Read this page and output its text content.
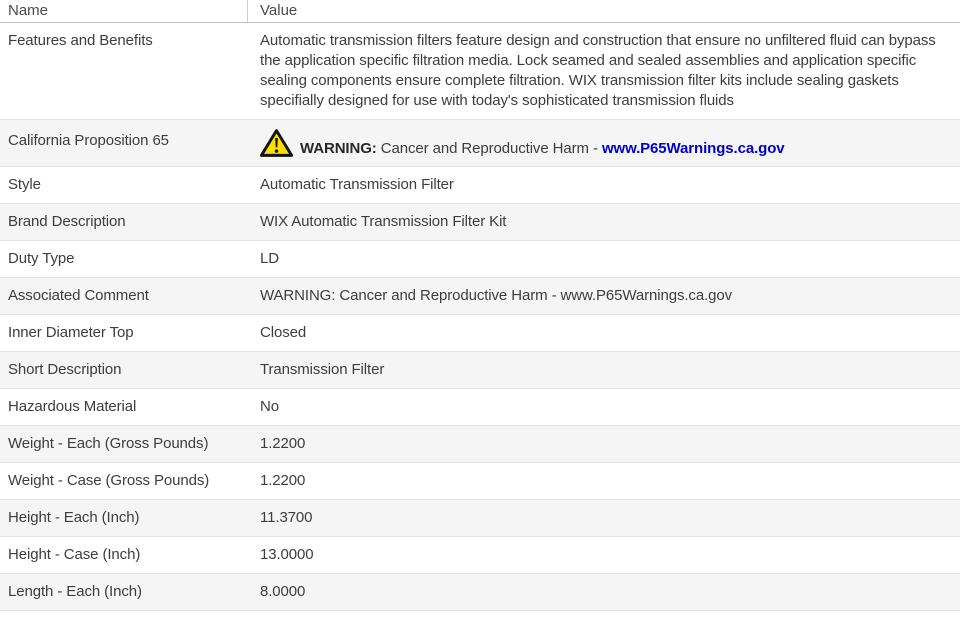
Name	Value
Features and Benefits	Automatic transmission filters feature design and construction that ensure no unfiltered fluid can bypass the application specific filtration media. Lock seamed and sealed assemblies and application specific sealing components ensure complete filtration. WIX transmission filter kits include sealing gaskets specifially designed for use with today's sophisticated transmission fluids
California Proposition 65	WARNING: Cancer and Reproductive Harm - www.P65Warnings.ca.gov
Style	Automatic Transmission Filter
Brand Description	WIX Automatic Transmission Filter Kit
Duty Type	LD
Associated Comment	WARNING: Cancer and Reproductive Harm - www.P65Warnings.ca.gov
Inner Diameter Top	Closed
Short Description	Transmission Filter
Hazardous Material	No
Weight - Each (Gross Pounds)	1.2200
Weight - Case (Gross Pounds)	1.2200
Height - Each (Inch)	11.3700
Height - Case (Inch)	13.0000
Length - Each (Inch)	8.0000
